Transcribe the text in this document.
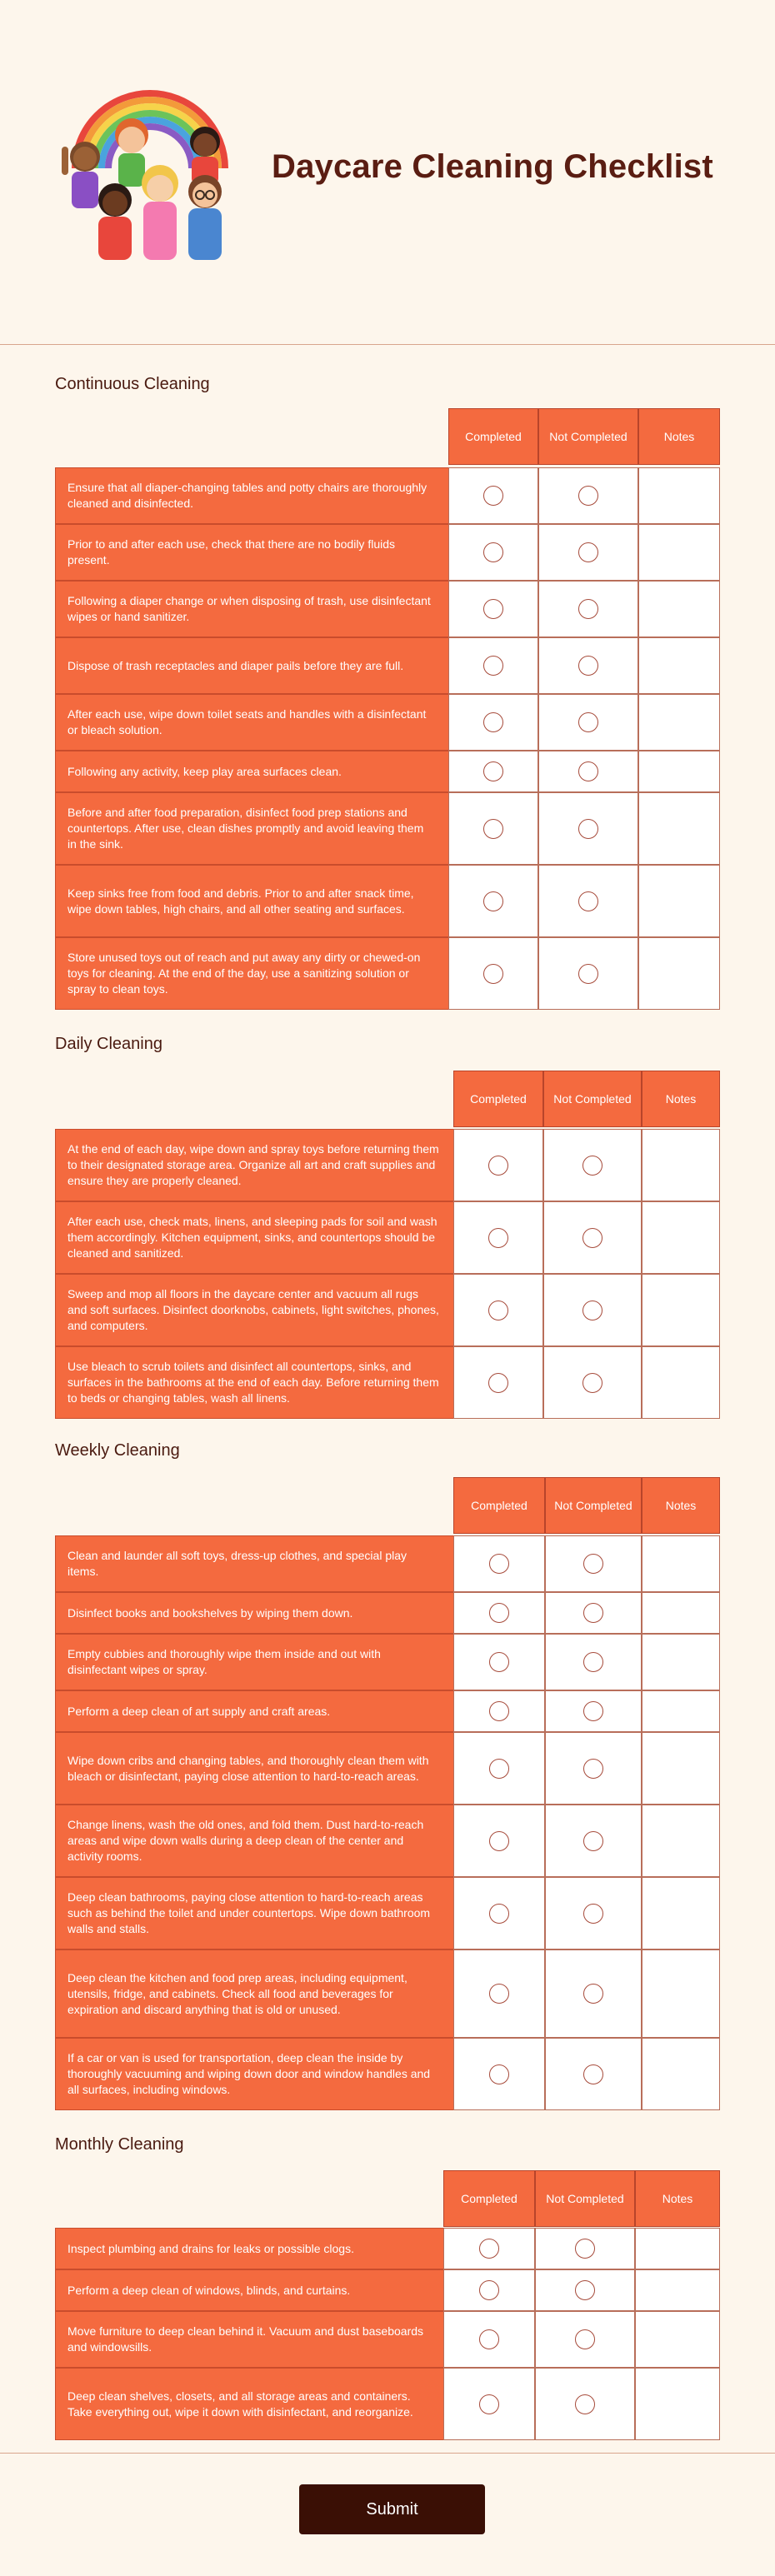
Daycare Cleaning Checklist
Continuous Cleaning
Completed	Not Completed	Notes
Ensure that all diaper-changing tables and potty chairs are thoroughly cleaned and disinfected.
Prior to and after each use, check that there are no bodily fluids present.
Following a diaper change or when disposing of trash, use disinfectant wipes or hand sanitizer.
Dispose of trash receptacles and diaper pails before they are full.
After each use, wipe down toilet seats and handles with a disinfectant or bleach solution.
Following any activity, keep play area surfaces clean.
Before and after food preparation, disinfect food prep stations and countertops. After use, clean dishes promptly and avoid leaving them in the sink.
Keep sinks free from food and debris. Prior to and after snack time, wipe down tables, high chairs, and all other seating and surfaces.
Store unused toys out of reach and put away any dirty or chewed-on toys for cleaning. At the end of the day, use a sanitizing solution or spray to clean toys.
Daily Cleaning
Completed	Not Completed	Notes
At the end of each day, wipe down and spray toys before returning them to their designated storage area. Organize all art and craft supplies and ensure they are properly cleaned.
After each use, check mats, linens, and sleeping pads for soil and wash them accordingly. Kitchen equipment, sinks, and countertops should be cleaned and sanitized.
Sweep and mop all floors in the daycare center and vacuum all rugs and soft surfaces. Disinfect doorknobs, cabinets, light switches, phones, and computers.
Use bleach to scrub toilets and disinfect all countertops, sinks, and surfaces in the bathrooms at the end of each day. Before returning them to beds or changing tables, wash all linens.
Weekly Cleaning
Completed	Not Completed	Notes
Clean and launder all soft toys, dress-up clothes, and special play items.
Disinfect books and bookshelves by wiping them down.
Empty cubbies and thoroughly wipe them inside and out with disinfectant wipes or spray.
Perform a deep clean of art supply and craft areas.
Wipe down cribs and changing tables, and thoroughly clean them with bleach or disinfectant, paying close attention to hard-to-reach areas.
Change linens, wash the old ones, and fold them. Dust hard-to-reach areas and wipe down walls during a deep clean of the center and activity rooms.
Deep clean bathrooms, paying close attention to hard-to-reach areas such as behind the toilet and under countertops. Wipe down bathroom walls and stalls.
Deep clean the kitchen and food prep areas, including equipment, utensils, fridge, and cabinets. Check all food and beverages for expiration and discard anything that is old or unused.
If a car or van is used for transportation, deep clean the inside by thoroughly vacuuming and wiping down door and window handles and all surfaces, including windows.
Monthly Cleaning
Completed	Not Completed	Notes
Inspect plumbing and drains for leaks or possible clogs.
Perform a deep clean of windows, blinds, and curtains.
Move furniture to deep clean behind it. Vacuum and dust baseboards and windowsills.
Deep clean shelves, closets, and all storage areas and containers. Take everything out, wipe it down with disinfectant, and reorganize.
Submit
